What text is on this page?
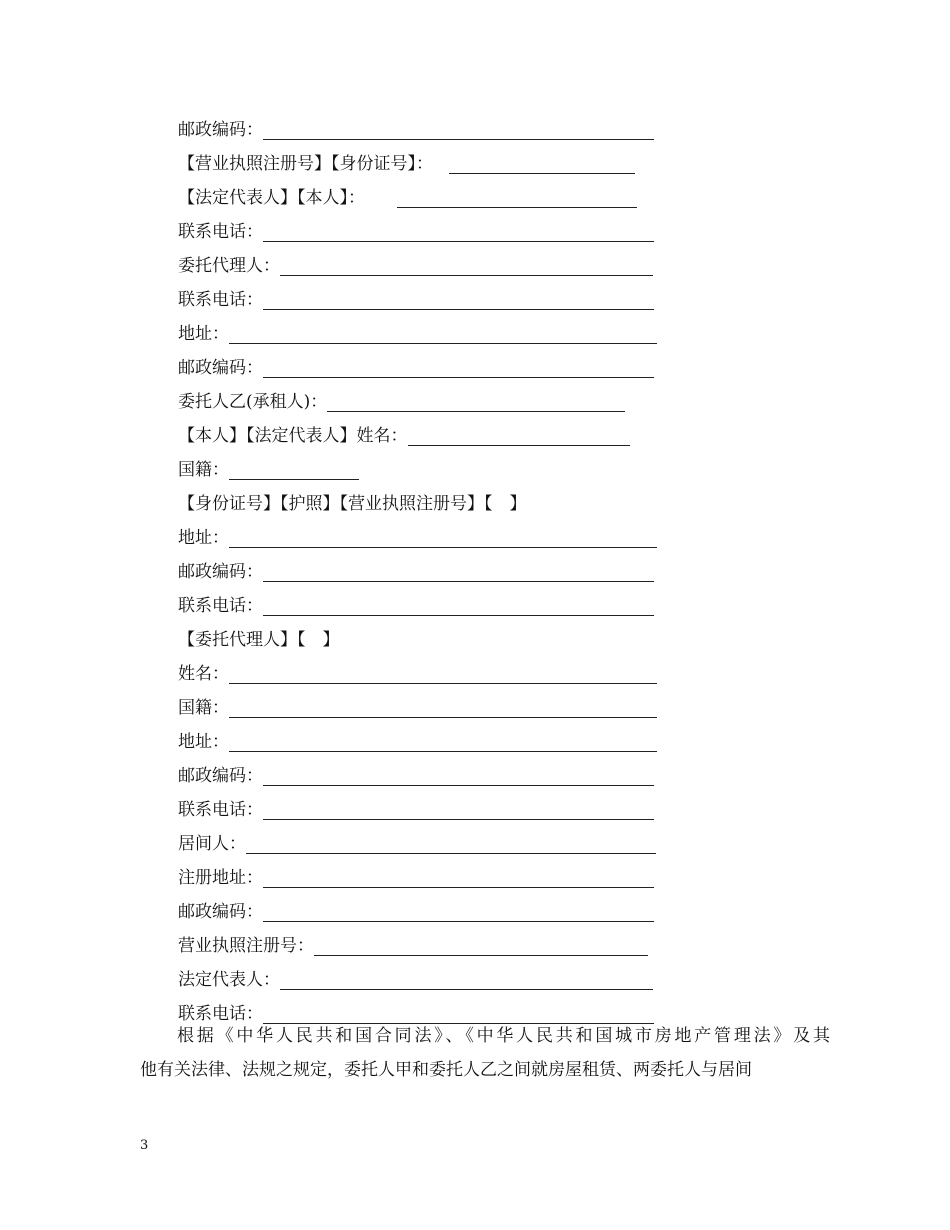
邮政编码：
【营业执照注册号】【身份证号】：
【法定代表人】【本人】：
联系电话：
委托代理人：
联系电话：
地址：
邮政编码：
委托人乙(承租人)：
【本人】【法定代表人】姓名：
国籍：
【身份证号】【护照】【营业执照注册号】【　】
地址：
邮政编码：
联系电话：
【委托代理人】【　】
姓名：
国籍：
地址：
邮政编码：
联系电话：
居间人：
注册地址：
邮政编码：
营业执照注册号：
法定代表人：
联系电话：

根据《中华人民共和国合同法》、《中华人民共和国城市房地产管理法》及其

他有关法律、法规之规定，委托人甲和委托人乙之间就房屋租赁、两委托人与居间

3
